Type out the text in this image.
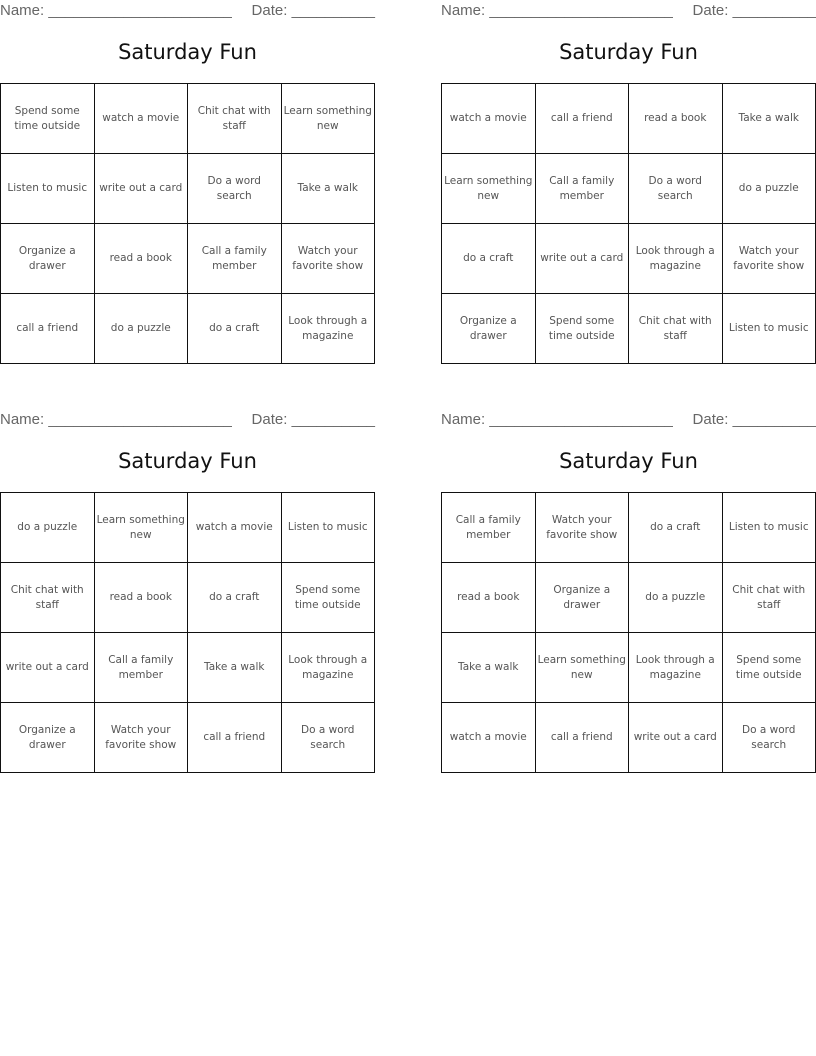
Name: ______________________ Date: __________
Saturday Fun
Spend some time outside	watch a movie	Chit chat with staff	Learn something new
Listen to music	write out a card	Do a word search	Take a walk
Organize a drawer	read a book	Call a family member	Watch your favorite show
call a friend	do a puzzle	do a craft	Look through a magazine
Name: ______________________ Date: __________
Saturday Fun
watch a movie	call a friend	read a book	Take a walk
Learn something new	Call a family member	Do a word search	do a puzzle
do a craft	write out a card	Look through a magazine	Watch your favorite show
Organize a drawer	Spend some time outside	Chit chat with staff	Listen to music
Name: ______________________ Date: __________
Saturday Fun
do a puzzle	Learn something new	watch a movie	Listen to music
Chit chat with staff	read a book	do a craft	Spend some time outside
write out a card	Call a family member	Take a walk	Look through a magazine
Organize a drawer	Watch your favorite show	call a friend	Do a word search
Name: ______________________ Date: __________
Saturday Fun
Call a family member	Watch your favorite show	do a craft	Listen to music
read a book	Organize a drawer	do a puzzle	Chit chat with staff
Take a walk	Learn something new	Look through a magazine	Spend some time outside
watch a movie	call a friend	write out a card	Do a word search
